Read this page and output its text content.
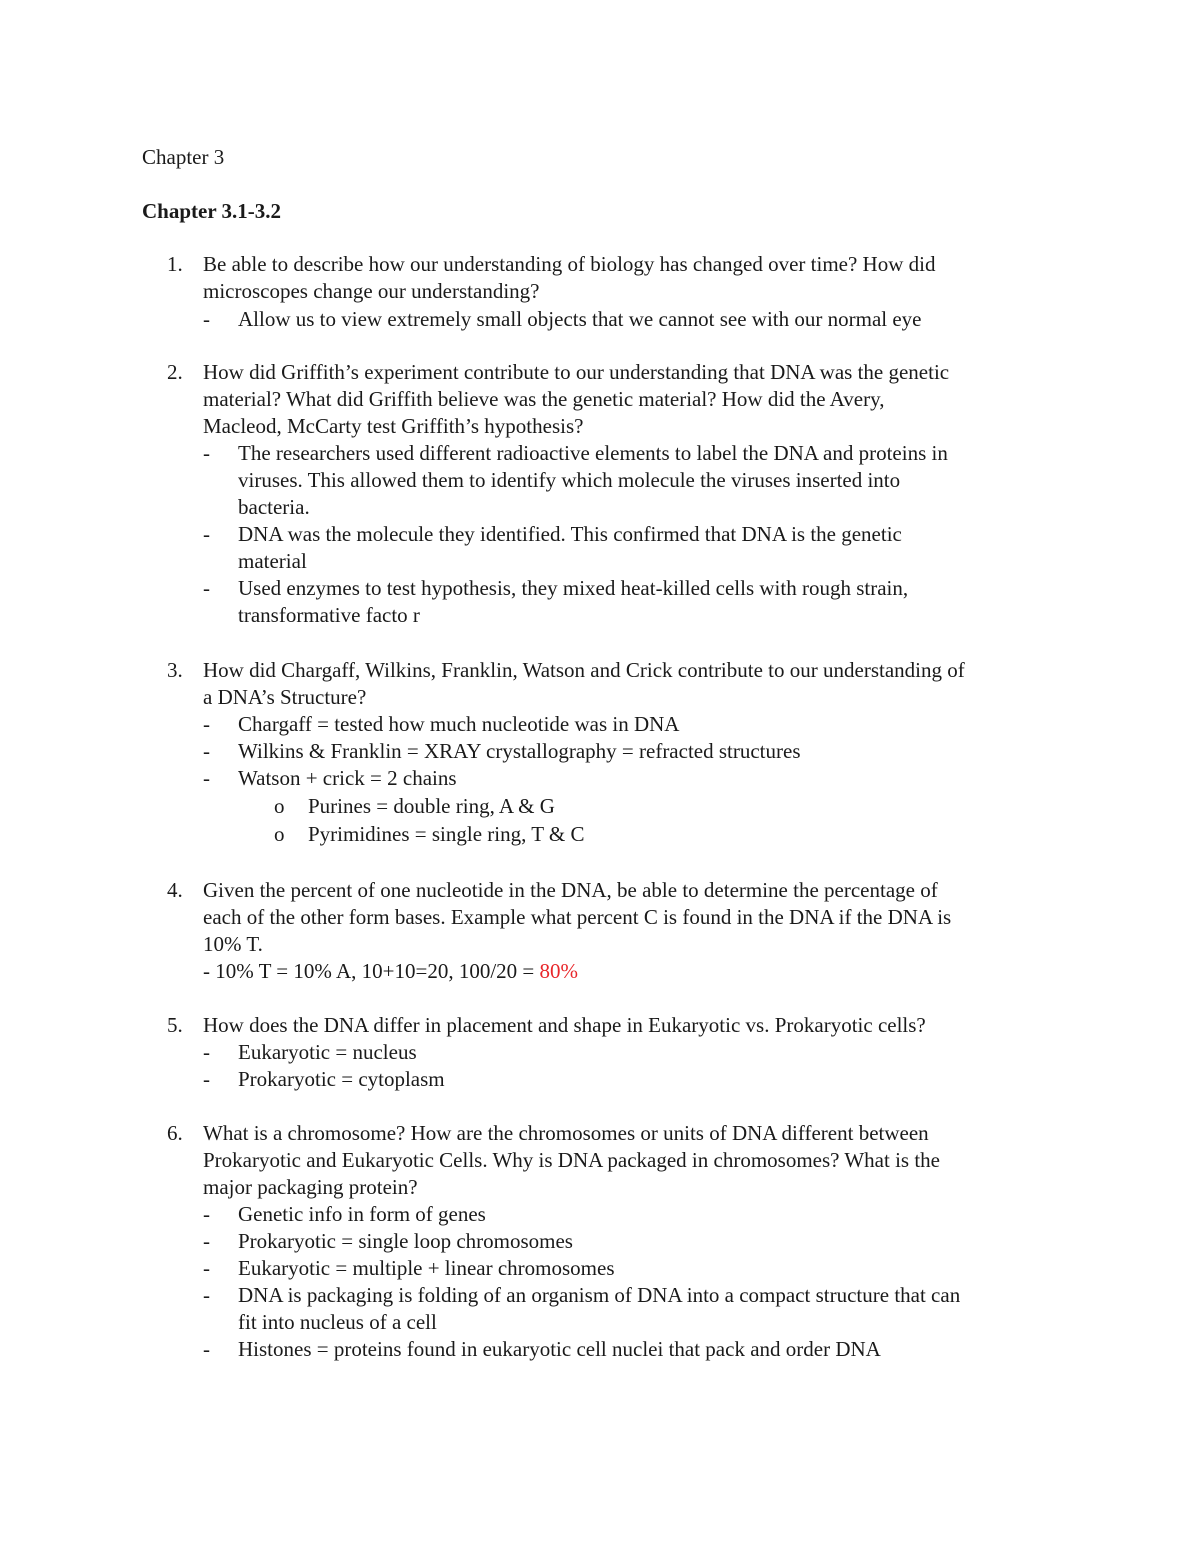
Chapter 3
Chapter 3.1-3.2
1. Be able to describe how our understanding of biology has changed over time? How did
microscopes change our understanding?
- Allow us to view extremely small objects that we cannot see with our normal eye
2. How did Griffith’s experiment contribute to our understanding that DNA was the genetic
material? What did Griffith believe was the genetic material? How did the Avery,
Macleod, McCarty test Griffith’s hypothesis?
- The researchers used different radioactive elements to label the DNA and proteins in
viruses. This allowed them to identify which molecule the viruses inserted into
bacteria.
- DNA was the molecule they identified. This confirmed that DNA is the genetic
material
- Used enzymes to test hypothesis, they mixed heat-killed cells with rough strain,
transformative facto r
3. How did Chargaff, Wilkins, Franklin, Watson and Crick contribute to our understanding of
a DNA’s Structure?
- Chargaff = tested how much nucleotide was in DNA
- Wilkins & Franklin = XRAY crystallography = refracted structures
- Watson + crick = 2 chains
o Purines = double ring, A & G
o Pyrimidines = single ring, T & C
4. Given the percent of one nucleotide in the DNA, be able to determine the percentage of
each of the other form bases. Example what percent C is found in the DNA if the DNA is
10% T.
- 10% T = 10% A, 10+10=20, 100/20 = 80%
5. How does the DNA differ in placement and shape in Eukaryotic vs. Prokaryotic cells?
- Eukaryotic = nucleus
- Prokaryotic = cytoplasm
6. What is a chromosome? How are the chromosomes or units of DNA different between
Prokaryotic and Eukaryotic Cells. Why is DNA packaged in chromosomes? What is the
major packaging protein?
- Genetic info in form of genes
- Prokaryotic = single loop chromosomes
- Eukaryotic = multiple + linear chromosomes
- DNA is packaging is folding of an organism of DNA into a compact structure that can
fit into nucleus of a cell
- Histones = proteins found in eukaryotic cell nuclei that pack and order DNA
